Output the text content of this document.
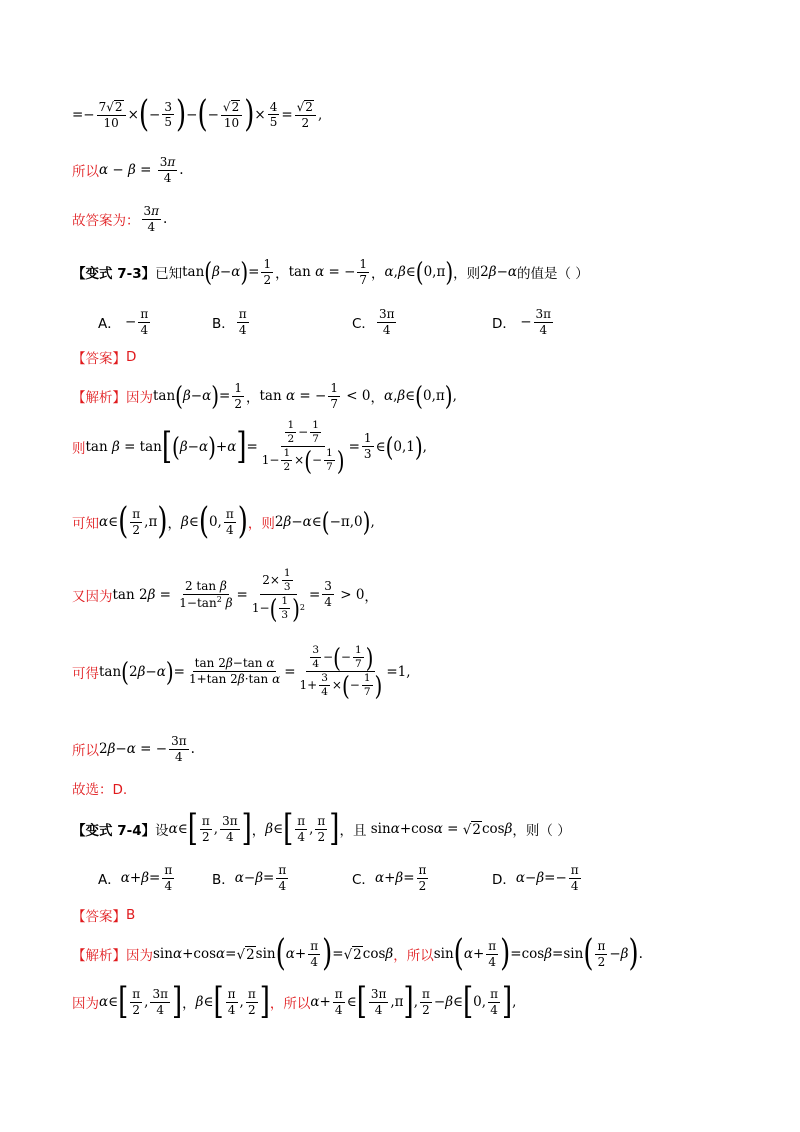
=− $\frac{7√ 2}{10}$ × ( − $\frac{3}{5}$ ) − ( − $\frac{√ 2}{10}$ ) × $\frac{4}{5} = \frac{√ 2}{2}$ ,
所以 $\alpha - \beta = \frac{3\pi}{4}$ .
故答案为： $\frac{3\pi}{4}$ .
【变式 7-3】 已知 tan ( β − α ) = $\frac{1}{2}$ ， tan α = − $\frac{1}{7}$ ， α , β ∈ ( 0,π ) ，则 2 β − α 的值是（ ）
A． − $\frac{\pi}{4}$	B． $\frac{\pi}{4}$	C． $\frac{3\pi}{4}$	D． − $\frac{3\pi}{4}$
【答案】 D
【解析】 因为 tan ( β − α ) = $\frac{1}{2}$ ， tan α = − $\frac{1}{7} < 0$ ， α , β ∈ ( 0,π ) ,
则 tan β = tan [ ( β − α ) + α ] = $\frac{\frac{1}{2} - \frac{1}{7}}{1- \frac{1}{2} \times ( - \frac{1}{7} )} = \frac{1}{3}$ ∈ ( 0,1 ) ,
可知 α ∈ ( $\frac{\pi}{2} ,\pi$ ) ， β ∈ ( 0, $\frac{\pi}{4}$ ) ，则 2 β − α ∈ ( −π,0 ) ,
又因为 tan 2 $\beta = \frac{\text{2 tan β}}{1-\tan^2 \beta} = \frac{2\times \frac{1}{3}}{1- ( \frac{1}{3} ) 2} = \frac{3}{4} > 0$ ，
可得 tan ( 2 β − α ) = $\frac{\text{tan 2β−tan α}}{\text{1+tan 2β·tan α}} = \frac{\frac{3}{4} - ( - \frac{1}{7} )}{1+ \frac{3}{4} \times ( - \frac{1}{7} )} =1$ ,
所以 2 β − α = − $\frac{3\pi}{4}$ .
故选：D.
【变式 7-4】 设 α ∈ [ $\frac{\pi}{2}$ , $\frac{3\pi}{4}$ ] ， β ∈ [ $\frac{\pi}{4}$ , $\frac{\pi}{2}$ ] ， 且 sinα+cosα = √ 2 cosβ ，则（ ）
A． $\alpha + \beta = \frac{\pi}{4}$	B． $\alpha - \beta = \frac{\pi}{4}$	C． $\alpha + \beta = \frac{\pi}{2}$	D． $\alpha - \beta =- \frac{\pi}{4}$
【答案】 B
【解析】 因为 sinα+cosα= √ 2 sin ( $\alpha + \frac{\pi}{4}$ ) = √ 2 cosβ ，所以 sin ( $\alpha + \frac{\pi}{4}$ ) =cosβ=sin ( $\frac{\pi}{2} - \beta$ ) .
因为 α ∈ [ $\frac{\pi}{2}$ , $\frac{3\pi}{4}$ ] ， β ∈ [ $\frac{\pi}{4}$ , $\frac{\pi}{2}$ ] ，所以 $\alpha + \frac{\pi}{4}$ ∈ [ $\frac{3\pi}{4} ,\pi$ ] , $\frac{\pi}{2} - \beta$ ∈ [ 0, $\frac{\pi}{4}$ ] ,
